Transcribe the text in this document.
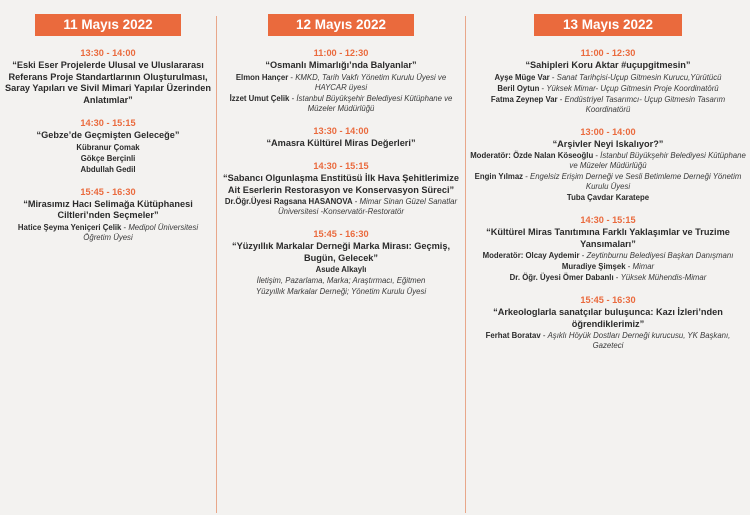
11 Mayıs 2022
13:30 - 14:00
“Eski Eser Projelerde Ulusal ve Uluslararası Referans Proje Standartlarının Oluşturulması, Saray Yapıları ve Sivil Mimari Yapılar Üzerinden Anlatımlar”
14:30 - 15:15
“Gebze’de Geçmişten Geleceğe”
Kübranur Çomak
Gökçe Berçinli
Abdullah Gedil
15:45 - 16:30
“Mirasımız Hacı Selimağa Kütüphanesi Ciltleri’nden Seçmeler”
Hatice Şeyma Yeniçeri Çelik - Medipol Üniversitesi Öğretim Üyesi
12 Mayıs 2022
11:00 - 12:30
“Osmanlı Mimarlığı’nda Balyanlar”
Elmon Hançer - KMKD, Tarih Vakfı Yönetim Kurulu Üyesi ve HAYCAR üyesi
İzzet Umut Çelik - İstanbul Büyükşehir Belediyesi Kütüphane ve Müzeler Müdürlüğü
13:30 - 14:00
“Amasra Kültürel Miras Değerleri”
14:30 - 15:15
“Sabancı Olgunlaşma Enstitüsü İlk Hava Şehitlerimize Ait Eserlerin Restorasyon ve Konservasyon Süreci”
Dr.Öğr.Üyesi Ragsana HASANOVA - Mimar Sinan Güzel Sanatlar Üniversitesi -Konservatör-Restoratör
15:45 - 16:30
“Yüzyıllık Markalar Derneği Marka Mirası: Geçmiş, Bugün, Gelecek”
Asude Alkaylı
İletişim, Pazarlama, Marka; Araştırmacı, Eğitmen
Yüzyıllık Markalar Derneği; Yönetim Kurulu Üyesi
13 Mayıs 2022
11:00 - 12:30
“Sahipleri Koru Aktar #uçupgitmesin”
Ayşe Müge Var - Sanat Tarihçisi-Uçup Gitmesin Kurucu,Yürütücü
Beril Oytun - Yüksek Mimar- Uçup Gitmesin Proje Koordinatörü
Fatma Zeynep Var - Endüstriyel Tasarımcı- Uçup Gitmesin Tasarım Koordinatörü
13:00 - 14:00
“Arşivler Neyi Iskalıyor?”
Moderatör: Özde Nalan Köseoğlu - İstanbul Büyükşehir Belediyesi Kütüphane ve Müzeler Müdürlüğü
Engin Yılmaz - Engelsiz Erişim Derneği ve Sesli Betimleme Derneği Yönetim Kurulu Üyesi
Tuba Çavdar Karatepe
14:30 - 15:15
“Kültürel Miras Tanıtımına Farklı Yaklaşımlar ve Truzime Yansımaları”
Moderatör: Olcay Aydemir - Zeytinburnu Belediyesi Başkan Danışmanı
Muradiye Şimşek - Mimar
Dr. Öğr. Üyesi Ömer Dabanlı - Yüksek Mühendis-Mimar
15:45 - 16:30
“Arkeologlarla sanatçılar buluşunca: Kazı İzleri’nden öğrendiklerimiz”
Ferhat Boratav - Aşıklı Höyük Dostları Derneği kurucusu, YK Başkanı, Gazeteci
